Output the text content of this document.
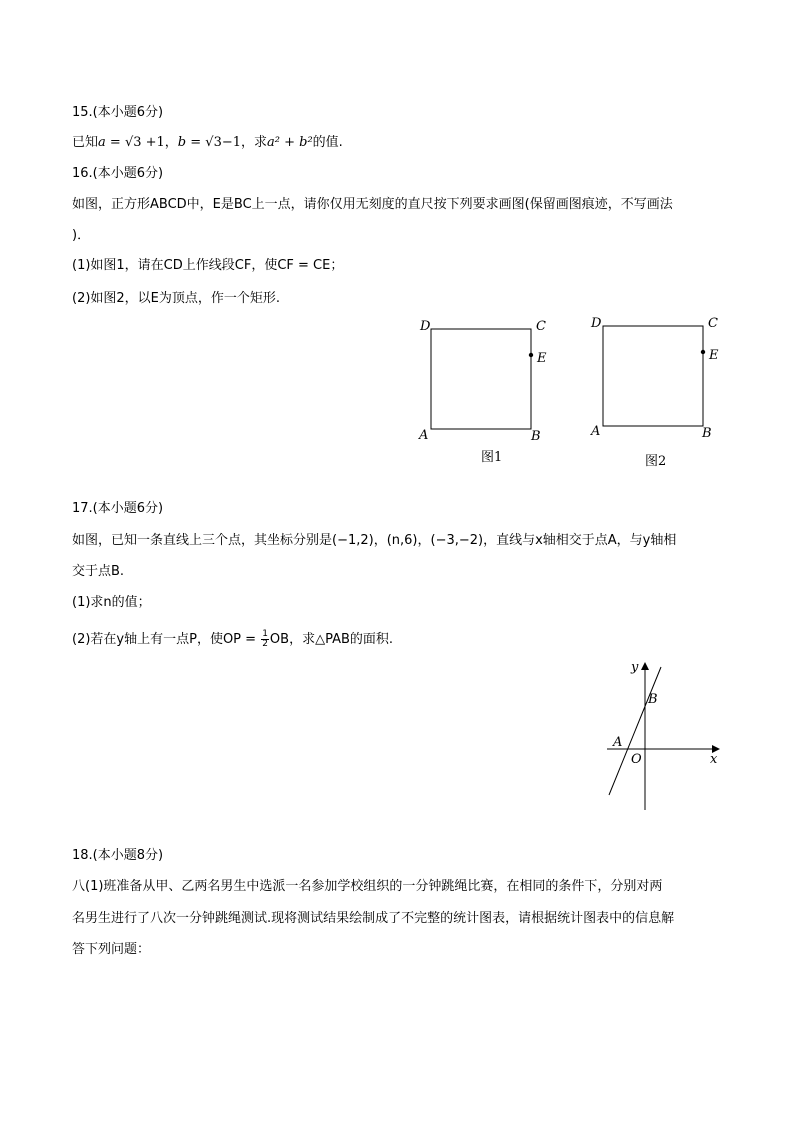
15.(本小题6分)
已知a = √3 +1，b = √3−1，求a² + b²的值.
16.(本小题6分)
如图，正方形ABCD中，E是BC上一点，请你仅用无刻度的直尺按下列要求画图(保留画图痕迹，不写画法
)．
(1)如图1，请在CD上作线段CF，使CF = CE；
(2)如图2，以E为顶点，作一个矩形.
D	C
E
A	B
图1
D	C
E
A	B
图2
17.(本小题6分)
如图，已知一条直线上三个点，其坐标分别是(−1,2)，(n,6)，(−3,−2)，直线与x轴相交于点A，与y轴相
交于点B.
(1)求n的值；
(2)若在y轴上有一点P，使OP = $\frac{1}{2}$ OB，求△PAB的面积.
y
B
A
O	x
18.(本小题8分)
八(1)班准备从甲、乙两名男生中选派一名参加学校组织的一分钟跳绳比赛，在相同的条件下，分别对两
名男生进行了八次一分钟跳绳测试.现将测试结果绘制成了不完整的统计图表，请根据统计图表中的信息解
答下列问题：
